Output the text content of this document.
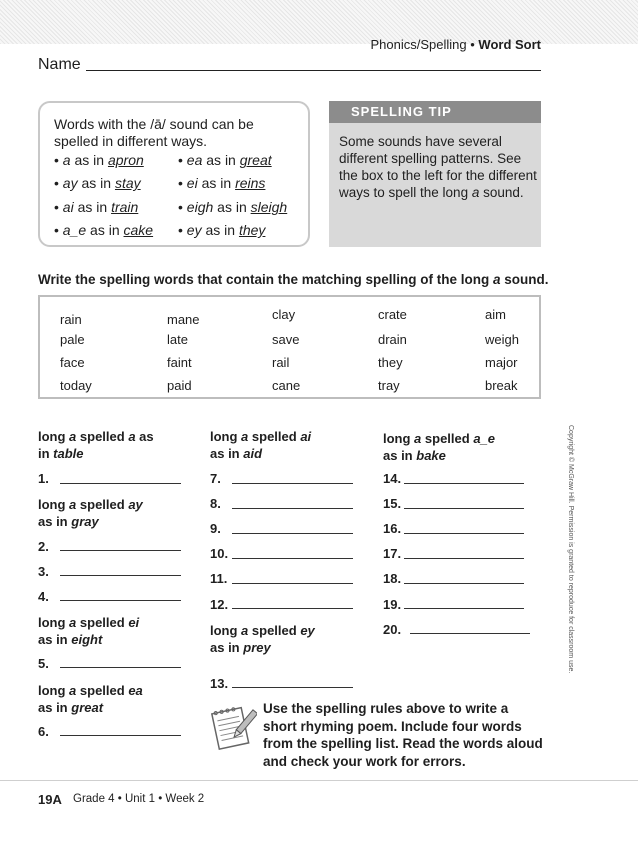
Phonics/Spelling • Word Sort
Name
Words with the /ā/ sound can be spelled in different ways.
• a as in apron
• ay as in stay
• ai as in train
• a_e as in cake
• ea as in great
• ei as in reins
• eigh as in sleigh
• ey as in they
SPELLING TIP
Some sounds have several different spelling patterns. See the box to the left for the different ways to spell the long a sound.
Write the spelling words that contain the matching spelling of the long a sound.
rain	mane	clay	crate	aim
pale	late	save	drain	weigh
face	faint	rail	they	major
today	paid	cane	tray	break
long a spelled a as
in table
1.
long a spelled ay
as in gray
2.
3.
4.
long a spelled ei
as in eight
5.
long a spelled ea
as in great
6.
long a spelled ai
as in aid
7.
8.
9.
10.
11.
12.
long a spelled ey
as in prey
13.
long a spelled a_e
as in bake
14.
15.
16.
17.
18.
19.
20.
Use the spelling rules above to write a short rhyming poem. Include four words from the spelling list. Read the words aloud and check your work for errors.
Copyright © McGraw Hill. Permission is granted to reproduce for classroom use.
19A Grade 4 • Unit 1 • Week 2
